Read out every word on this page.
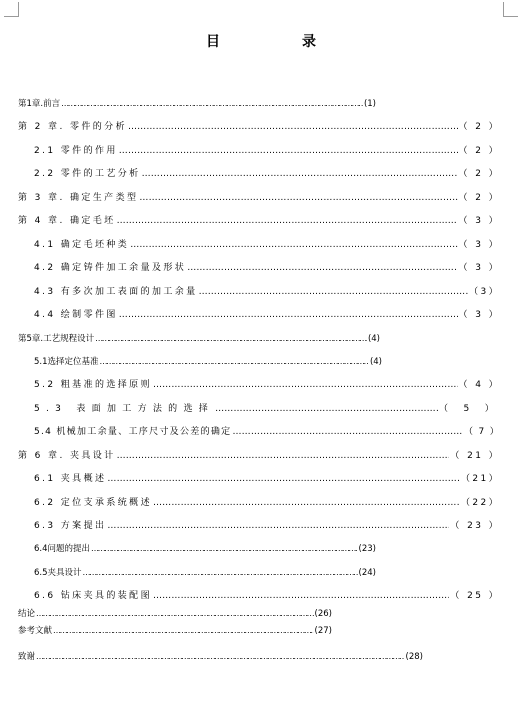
目　录
第1章.前言 …………………………………………………………………………………………………………………………………………………………………………………	(1)
第 2 章. 零件的分析 …………………………………………………………………………………………………………………………………………………………………………………	（ 2 ）
2.1 零件的作用 …………………………………………………………………………………………………………………………………………………………………………………	（ 2 ）
2.2 零件的工艺分析 …………………………………………………………………………………………………………………………………………………………………………………	（ 2 ）
第 3 章. 确定生产类型 …………………………………………………………………………………………………………………………………………………………………………………	（ 2 ）
第 4 章. 确定毛坯 …………………………………………………………………………………………………………………………………………………………………………………	（ 3 ）
4.1 确定毛坯种类 …………………………………………………………………………………………………………………………………………………………………………………	（ 3 ）
4.2 确定铸件加工余量及形状 …………………………………………………………………………………………………………………………………………………………………………………	（ 3 ）
4.3 有多次加工表面的加工余量 …………………………………………………………………………………………………………………………………………………………………………………	（3）
4.4 绘制零件图 …………………………………………………………………………………………………………………………………………………………………………………	（ 3 ）
第5章.工艺规程设计 …………………………………………………………………………………………………………………………………………………………………………………	(4)
5.1选择定位基准 …………………………………………………………………………………………………………………………………………………………………………………	(4)
5.2 粗基准的选择原则 …………………………………………………………………………………………………………………………………………………………………………………	（ 4 ）
5.3 表面加工方法的选择 …………………………………………………………………………………………………………………………………………………………………………………	（ 5 ）
5.4 机械加工余量、工序尺寸及公差的确定 …………………………………………………………………………………………………………………………………………………………………………………	（ 7 ）
第 6 章. 夹具设计 …………………………………………………………………………………………………………………………………………………………………………………	（ 21 ）
6.1 夹具概述 …………………………………………………………………………………………………………………………………………………………………………………	（21）
6.2 定位支承系统概述 …………………………………………………………………………………………………………………………………………………………………………………	（22）
6.3 方案提出 …………………………………………………………………………………………………………………………………………………………………………………	（ 23 ）
6.4问题的提出 …………………………………………………………………………………………………………………………………………………………………………………	(23)
6.5夹具设计 …………………………………………………………………………………………………………………………………………………………………………………	(24)
6.6 钻床夹具的装配图 …………………………………………………………………………………………………………………………………………………………………………………	（ 25 ）
结论 …………………………………………………………………………………………………………………………………………………………………………………	(26)
参考文献 …………………………………………………………………………………………………………………………………………………………………………………	(27)
致谢 …………………………………………………………………………………………………………………………………………………………………………………	(28)
